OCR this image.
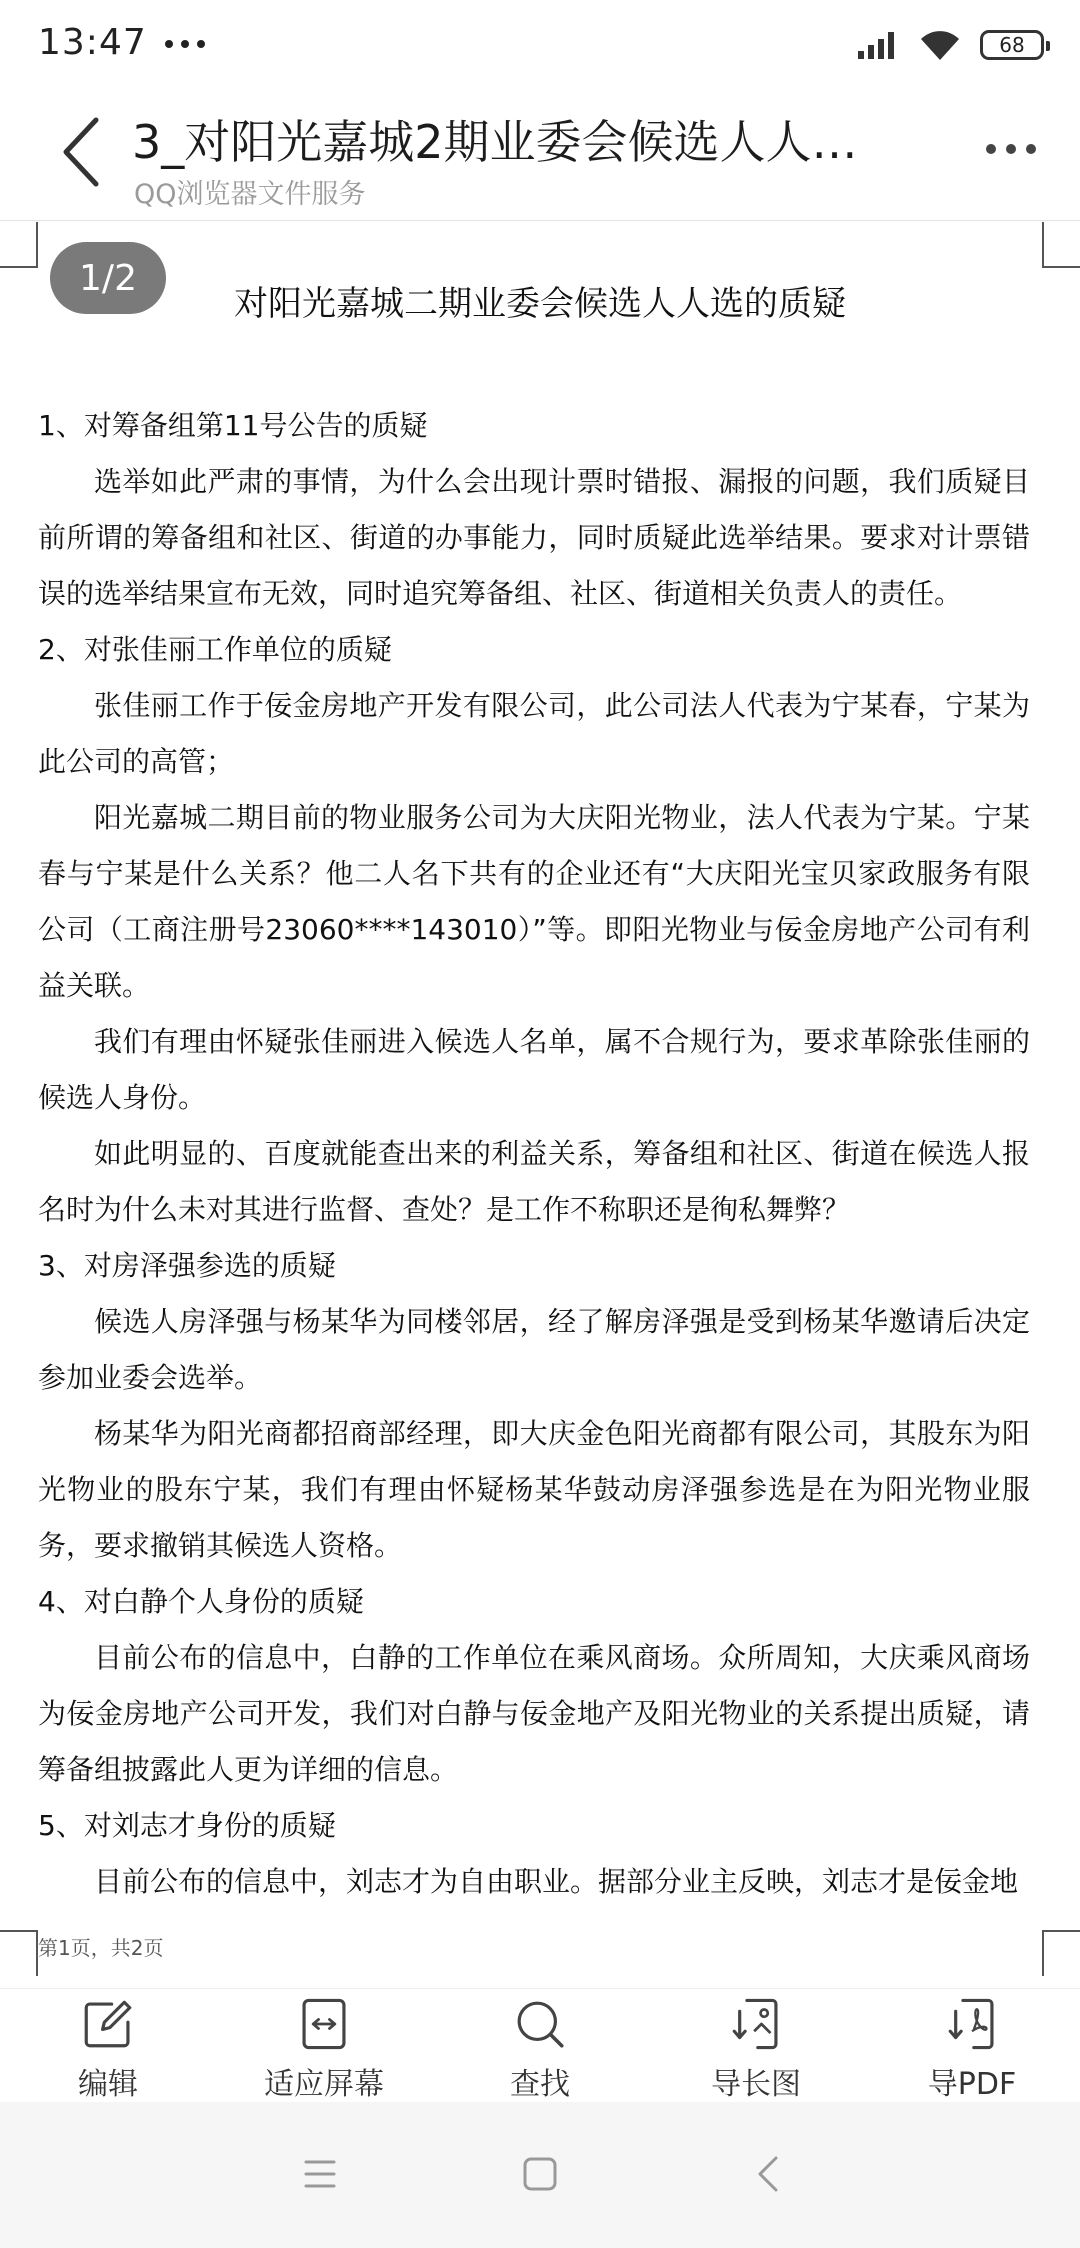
13:47	68
3_对阳光嘉城2期业委会候选人人…
QQ浏览器文件服务
1/2
对阳光嘉城二期业委会候选人人选的质疑

1、对筹备组第11号公告的质疑

选举如此严肃的事情，为什么会出现计票时错报、漏报的问题，我们质疑目前所谓的筹备组和社区、街道的办事能力，同时质疑此选举结果。要求对计票错误的选举结果宣布无效，同时追究筹备组、社区、街道相关负责人的责任。

2、对张佳丽工作单位的质疑

张佳丽工作于佞金房地产开发有限公司，此公司法人代表为宁某春，宁某为此公司的高管；

阳光嘉城二期目前的物业服务公司为大庆阳光物业，法人代表为宁某。宁某春与宁某是什么关系？他二人名下共有的企业还有“大庆阳光宝贝家政服务有限公司（工商注册号23060****143010）”等。即阳光物业与佞金房地产公司有利益关联。

我们有理由怀疑张佳丽进入候选人名单，属不合规行为，要求革除张佳丽的候选人身份。

如此明显的、百度就能查出来的利益关系，筹备组和社区、街道在候选人报名时为什么未对其进行监督、查处？是工作不称职还是徇私舞弊？

3、对房泽强参选的质疑

候选人房泽强与杨某华为同楼邻居，经了解房泽强是受到杨某华邀请后决定参加业委会选举。

杨某华为阳光商都招商部经理，即大庆金色阳光商都有限公司，其股东为阳光物业的股东宁某，我们有理由怀疑杨某华鼓动房泽强参选是在为阳光物业服务，要求撤销其候选人资格。

4、对白静个人身份的质疑

目前公布的信息中，白静的工作单位在乘风商场。众所周知，大庆乘风商场为佞金房地产公司开发，我们对白静与佞金地产及阳光物业的关系提出质疑，请筹备组披露此人更为详细的信息。

5、对刘志才身份的质疑

目前公布的信息中，刘志才为自由职业。据部分业主反映，刘志才是佞金地

第1页，共2页
编辑	适应屏幕	查找	导长图	导PDF
